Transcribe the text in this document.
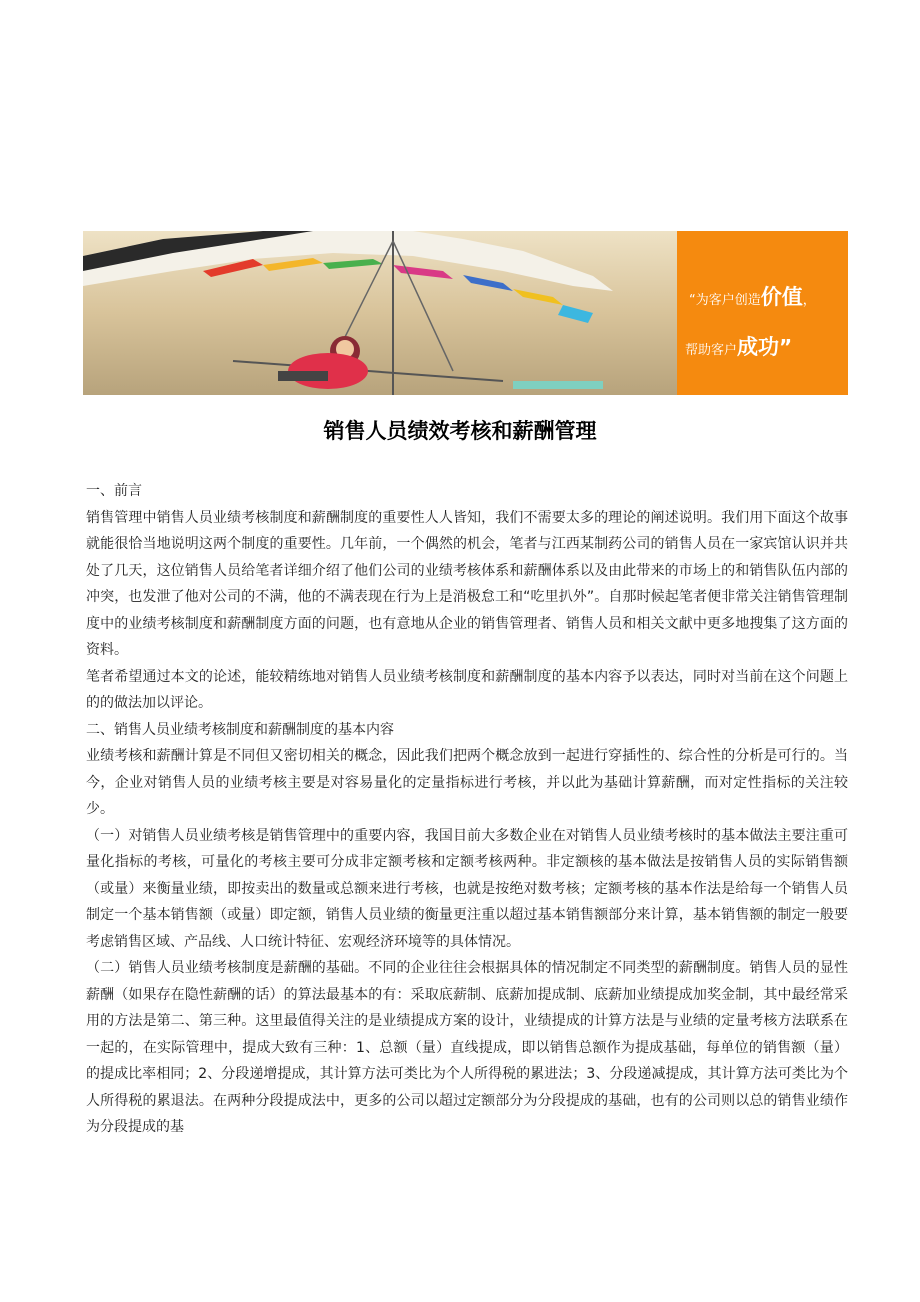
“为客户创造价值，
帮助客户成功”
销售人员绩效考核和薪酬管理

一、前言

销售管理中销售人员业绩考核制度和薪酬制度的重要性人人皆知，我们不需要太多的理论的阐述说明。我们用下面这个故事就能很恰当地说明这两个制度的重要性。几年前，一个偶然的机会，笔者与江西某制药公司的销售人员在一家宾馆认识并共处了几天，这位销售人员给笔者详细介绍了他们公司的业绩考核体系和薪酬体系以及由此带来的市场上的和销售队伍内部的冲突，也发泄了他对公司的不满，他的不满表现在行为上是消极怠工和“吃里扒外”。自那时候起笔者便非常关注销售管理制度中的业绩考核制度和薪酬制度方面的问题，也有意地从企业的销售管理者、销售人员和相关文献中更多地搜集了这方面的资料。

笔者希望通过本文的论述，能较精练地对销售人员业绩考核制度和薪酬制度的基本内容予以表达，同时对当前在这个问题上的的做法加以评论。

二、销售人员业绩考核制度和薪酬制度的基本内容

业绩考核和薪酬计算是不同但又密切相关的概念，因此我们把两个概念放到一起进行穿插性的、综合性的分析是可行的。当今，企业对销售人员的业绩考核主要是对容易量化的定量指标进行考核，并以此为基础计算薪酬，而对定性指标的关注较少。

（一）对销售人员业绩考核是销售管理中的重要内容，我国目前大多数企业在对销售人员业绩考核时的基本做法主要注重可量化指标的考核，可量化的考核主要可分成非定额考核和定额考核两种。非定额核的基本做法是按销售人员的实际销售额（或量）来衡量业绩，即按卖出的数量或总额来进行考核，也就是按绝对数考核；定额考核的基本作法是给每一个销售人员制定一个基本销售额（或量）即定额，销售人员业绩的衡量更注重以超过基本销售额部分来计算，基本销售额的制定一般要考虑销售区域、产品线、人口统计特征、宏观经济环境等的具体情况。

（二）销售人员业绩考核制度是薪酬的基础。不同的企业往往会根据具体的情况制定不同类型的薪酬制度。销售人员的显性薪酬（如果存在隐性薪酬的话）的算法最基本的有：采取底薪制、底薪加提成制、底薪加业绩提成加奖金制，其中最经常采用的方法是第二、第三种。这里最值得关注的是业绩提成方案的设计，业绩提成的计算方法是与业绩的定量考核方法联系在一起的，在实际管理中，提成大致有三种：1、总额（量）直线提成，即以销售总额作为提成基础，每单位的销售额（量）的提成比率相同；2、分段递增提成，其计算方法可类比为个人所得税的累进法；3、分段递减提成，其计算方法可类比为个人所得税的累退法。在两种分段提成法中，更多的公司以超过定额部分为分段提成的基础，也有的公司则以总的销售业绩作为分段提成的基
